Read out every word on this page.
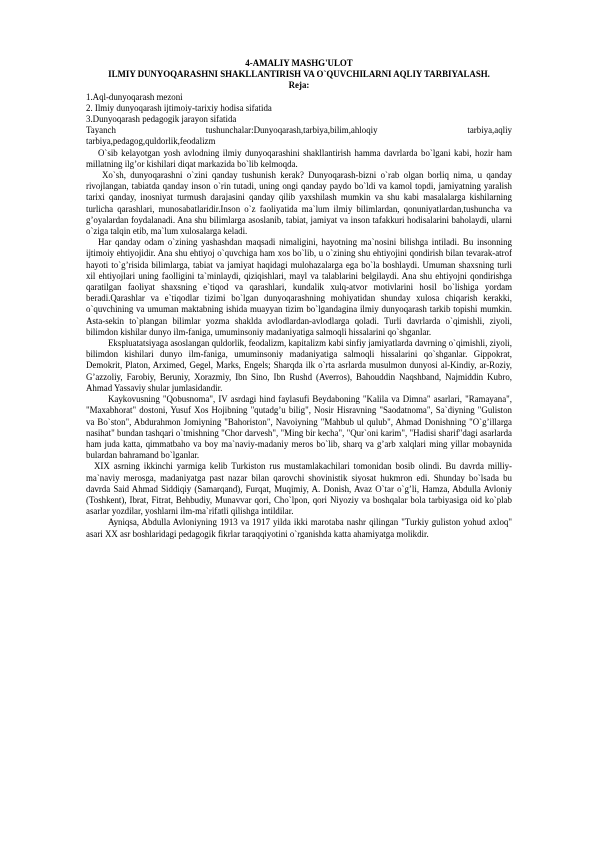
4-AMALIY MASHG'ULOT
ILMIY DUNYOQARASHNI SHAKLLANTIRISH VA O`QUVCHILARNI AQLIY TARBIYALASH.
Reja:
1.Aql-dunyoqarash mezoni
2. Ilmiy dunyoqarash ijtimoiy-tarixiy hodisa sifatida
3.Dunyoqarash pedagogik jarayon sifatida
Tayanch	tushunchalar:Dunyoqarash,tarbiya,bilim,ahloqiy	tarbiya,aqliy
tarbiya,pedagog,quldorlik,feodalizm
O`sib kelayotgan yosh avlodning ilmiy dunyoqarashini shakllantirish hamma davrlarda bo`lgani kabi, hozir ham millatning ilg’or kishilari diqat markazida bo`lib kelmoqda.
Xo`sh, dunyoqarashni o`zini qanday tushunish kerak? Dunyoqarash-bizni o`rab olgan borliq nima, u qanday rivojlangan, tabiatda qanday inson o`rin tutadi, uning ongi qanday paydo bo`ldi va kamol topdi, jamiyatning yaralish tarixi qanday, inosniyat turmush darajasini qanday qilib yaxshilash mumkin va shu kabi masalalarga kishilarning turlicha qarashlari, munosabatlaridir.Inson o`z faoliyatida ma`lum ilmiy bilimlardan, qonuniyatlardan,tushuncha va g’oyalardan foydalanadi. Ana shu bilimlarga asoslanib, tabiat, jamiyat va inson tafakkuri hodisalarini baholaydi, ularni o`ziga talqin etib, ma`lum xulosalarga keladi.
Har qanday odam o`zining yashashdan maqsadi nimaligini, hayotning ma`nosini bilishga intiladi. Bu insonning ijtimoiy ehtiyojidir. Ana shu ehtiyoj o`quvchiga ham xos bo`lib, u o`zining shu ehtiyojini qondirish bilan tevarak-atrof hayoti to`g’risida bilimlarga, tabiat va jamiyat haqidagi mulohazalarga ega bo`la boshlaydi. Umuman shaxsning turli xil ehtiyojlari uning faolligini ta`minlaydi, qiziqishlari, mayl va talablarini belgilaydi. Ana shu ehtiyojni qondirishga qaratilgan faoliyat shaxsning e`tiqod va qarashlari, kundalik xulq-atvor motivlarini hosil bo`lishiga yordam beradi.Qarashlar va e`tiqodlar tizimi bo`lgan dunyoqarashning mohiyatidan shunday xulosa chiqarish kerakki, o`quvchining va umuman maktabning ishida muayyan tizim bo`lgandagina ilmiy dunyoqarash tarkib topishi mumkin. Asta-sekin to`plangan bilimlar yozma shaklda avlodlardan-avlodlarga qoladi. Turli davrlarda o`qimishli, ziyoli, bilimdon kishilar dunyo ilm-faniga, umuminsoniy madaniyatiga salmoqli hissalarini qo`shganlar.
Ekspluatatsiyaga asoslangan quldorlik, feodalizm, kapitalizm kabi sinfiy jamiyatlarda davrning o`qimishli, ziyoli, bilimdon kishilari dunyo ilm-faniga, umuminsoniy madaniyatiga salmoqli hissalarini qo`shganlar. Gippokrat, Demokrit, Platon, Arximed, Gegel, Marks, Engels; Sharqda ilk o`rta asrlarda musulmon dunyosi al-Kindiy, ar-Roziy, G’azzoliy, Farobiy, Beruniy, Xorazmiy, Ibn Sino, Ibn Rushd (Averros), Bahouddin Naqshband, Najmiddin Kubro, Ahmad Yassaviy shular jumlasidandir.
Kaykovusning "Qobusnoma", IV asrdagi hind faylasufi Beydaboning "Kalila va Dimna" asarlari, "Ramayana", "Maxabhorat" dostoni, Yusuf Xos Hojibning "qutadg’u bilig", Nosir Hisravning "Saodatnoma", Sa`diyning "Guliston va Bo`ston", Abdurahmon Jomiyning "Bahoriston", Navoiyning "Mahbub ul qulub", Ahmad Donishning "O`g’illarga nasihat" bundan tashqari o`tmishning "Chor darvesh", "Ming bir kecha", "Qur`oni karim", "Hadisi sharif"dagi asarlarda ham juda katta, qimmatbaho va boy ma`naviy-madaniy meros bo`lib, sharq va g’arb xalqlari ming yillar mobaynida bulardan bahramand bo`lganlar.
XIX asrning ikkinchi yarmiga kelib Turkiston rus mustamlakachilari tomonidan bosib olindi. Bu davrda milliy-ma`naviy merosga, madaniyatga past nazar bilan qarovchi shovinistik siyosat hukmron edi. Shunday bo`lsada bu davrda Said Ahmad Siddiqiy (Samarqand), Furqat, Muqimiy, A. Donish, Avaz O`tar o`g’li, Hamza, Abdulla Avloniy (Toshkent), Ibrat, Fitrat, Behbudiy, Munavvar qori, Cho`lpon, qori Niyoziy va boshqalar bola tarbiyasiga oid ko`plab asarlar yozdilar, yoshlarni ilm-ma`rifatli qilishga intildilar.
Ayniqsa, Abdulla Avloniyning 1913 va 1917 yilda ikki marotaba nashr qilingan "Turkiy guliston yohud axloq" asari XX asr boshlaridagi pedagogik fikrlar taraqqiyotini o`rganishda katta ahamiyatga molikdir.
